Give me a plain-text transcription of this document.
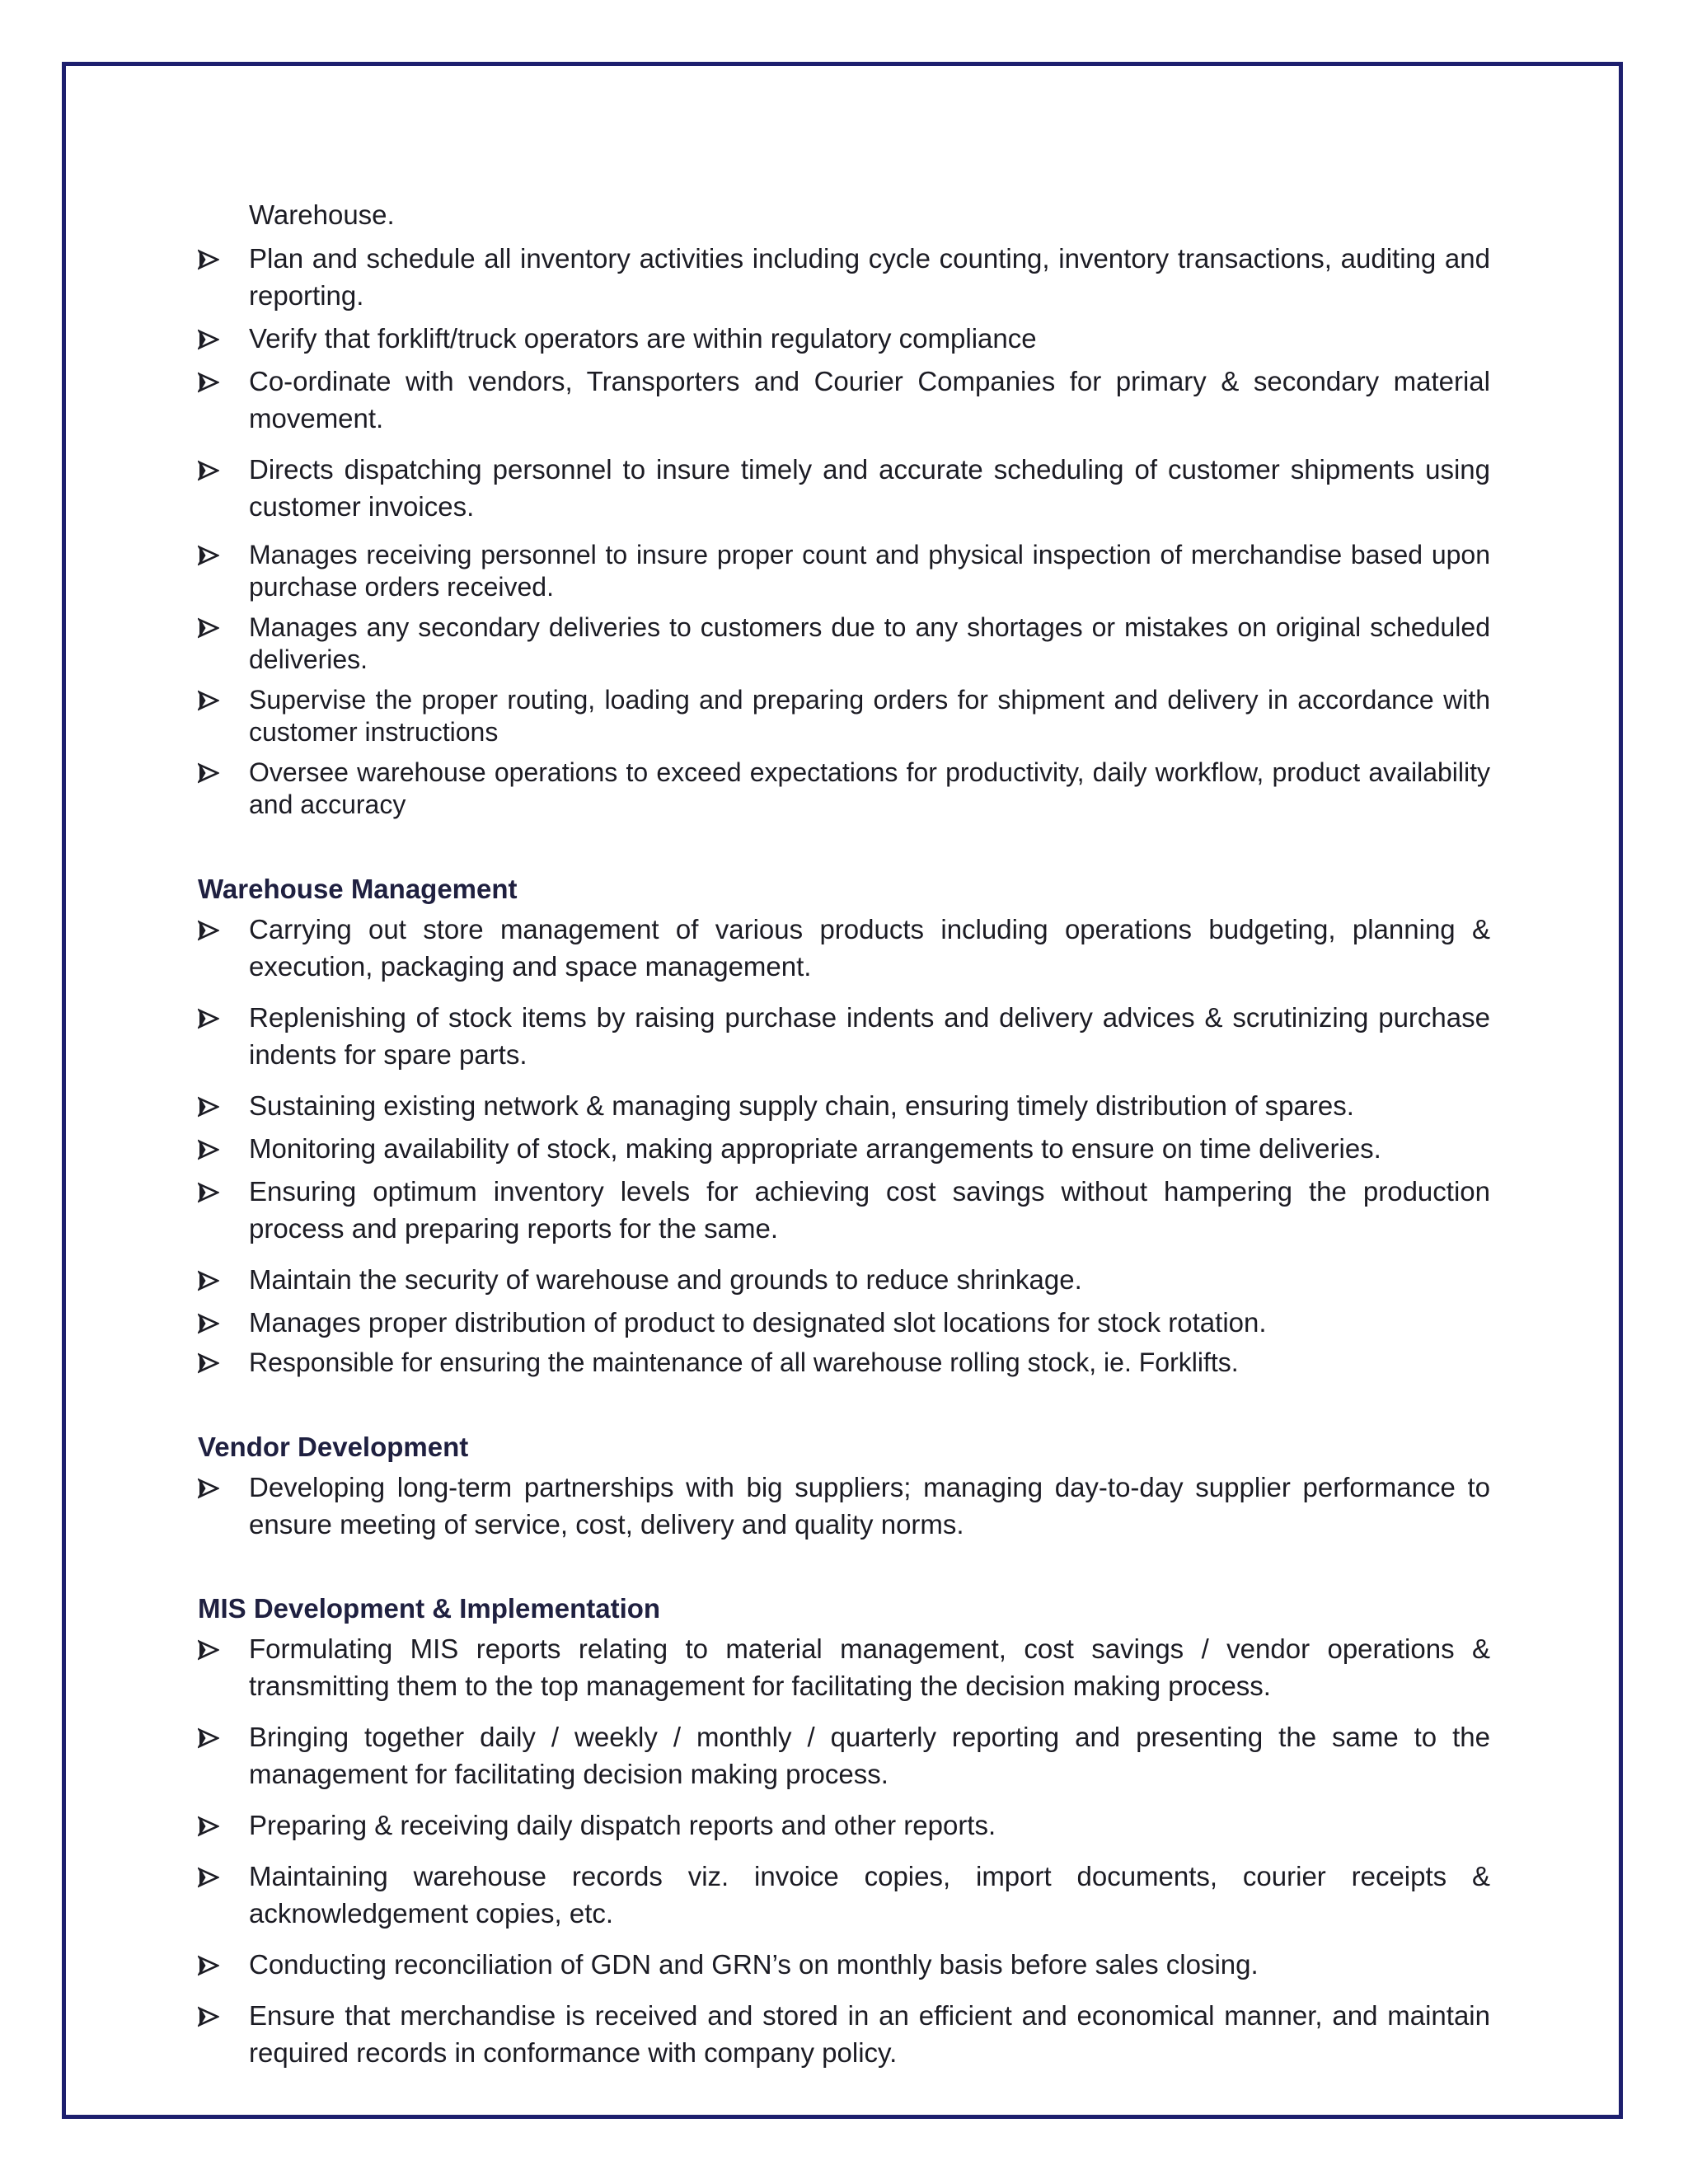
Warehouse.
Plan and schedule all inventory activities including cycle counting, inventory transactions, auditing and reporting.
Verify that forklift/truck operators are within regulatory compliance
Co-ordinate with vendors, Transporters and Courier Companies for primary & secondary material movement.
Directs dispatching personnel to insure timely and accurate scheduling of customer shipments using customer invoices.
Manages receiving personnel to insure proper count and physical inspection of merchandise based upon purchase orders received.
Manages any secondary deliveries to customers due to any shortages or mistakes on original scheduled deliveries.
Supervise the proper routing, loading and preparing orders for shipment and delivery in accordance with customer instructions
Oversee warehouse operations to exceed expectations for productivity, daily workflow, product availability and accuracy
Warehouse Management
Carrying out store management of various products including operations budgeting, planning & execution, packaging and space management.
Replenishing of stock items by raising purchase indents and delivery advices & scrutinizing purchase indents for spare parts.
Sustaining existing network & managing supply chain, ensuring timely distribution of spares.
Monitoring availability of stock, making appropriate arrangements to ensure on time deliveries.
Ensuring optimum inventory levels for achieving cost savings without hampering the production process and preparing reports for the same.
Maintain the security of warehouse and grounds to reduce shrinkage.
Manages proper distribution of product to designated slot locations for stock rotation.
Responsible for ensuring the maintenance of all warehouse rolling stock, ie. Forklifts.
Vendor Development
Developing long-term partnerships with big suppliers; managing day-to-day supplier performance to ensure meeting of service, cost, delivery and quality norms.
MIS Development & Implementation
Formulating MIS reports relating to material management, cost savings / vendor operations & transmitting them to the top management for facilitating the decision making process.
Bringing together daily / weekly / monthly / quarterly reporting and presenting the same to the management for facilitating decision making process.
Preparing & receiving daily dispatch reports and other reports.
Maintaining warehouse records viz. invoice copies, import documents, courier receipts & acknowledgement copies, etc.
Conducting reconciliation of GDN and GRN’s on monthly basis before sales closing.
Ensure that merchandise is received and stored in an efficient and economical manner, and maintain required records in conformance with company policy.
